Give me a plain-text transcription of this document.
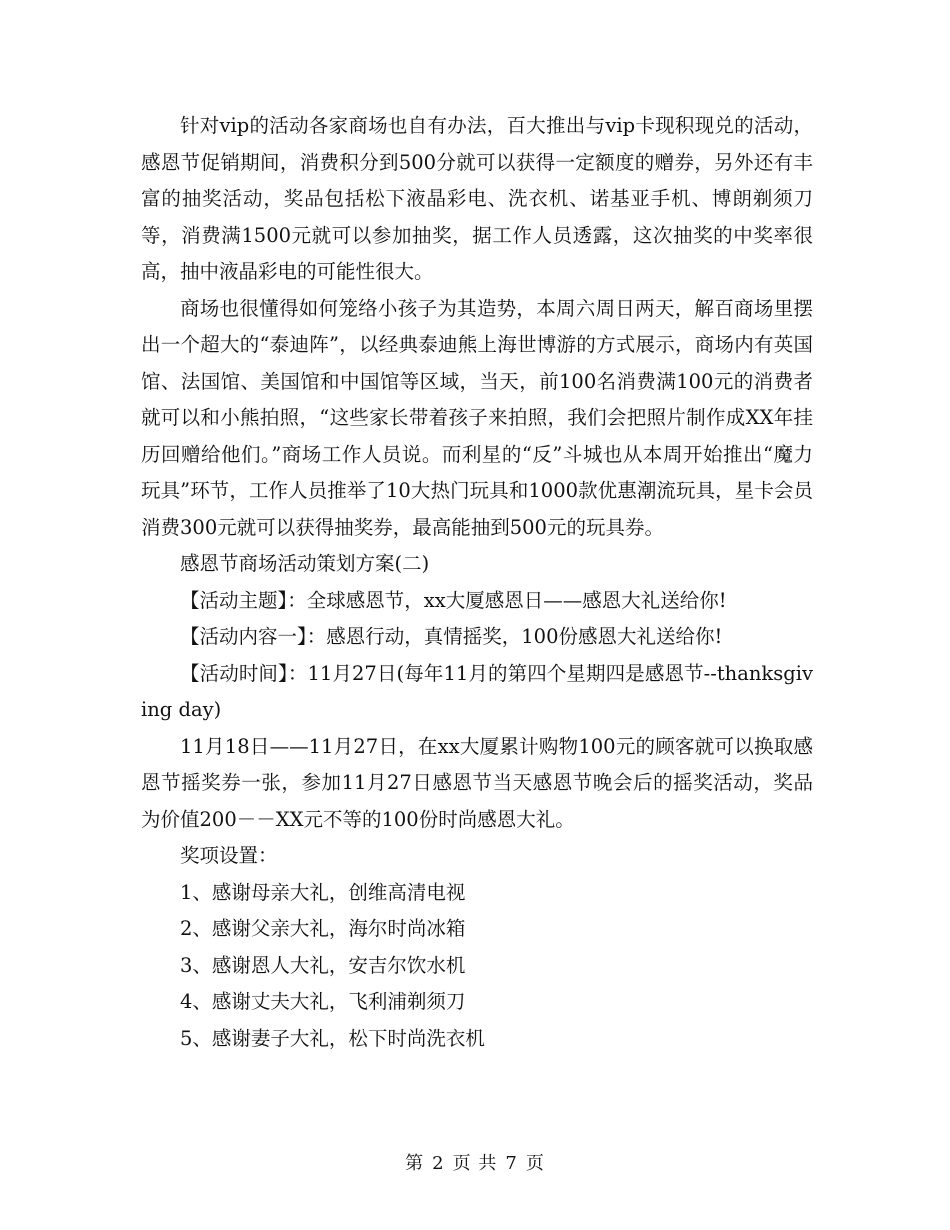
针对vip的活动各家商场也自有办法，百大推出与vip卡现积现兑的活动，感恩节促销期间，消费积分到500分就可以获得一定额度的赠券，另外还有丰富的抽奖活动，奖品包括松下液晶彩电、洗衣机、诺基亚手机、博朗剃须刀等，消费满1500元就可以参加抽奖，据工作人员透露，这次抽奖的中奖率很高，抽中液晶彩电的可能性很大。

商场也很懂得如何笼络小孩子为其造势，本周六周日两天，解百商场里摆出一个超大的“泰迪阵”，以经典泰迪熊上海世博游的方式展示，商场内有英国馆、法国馆、美国馆和中国馆等区域，当天，前100名消费满100元的消费者就可以和小熊拍照，“这些家长带着孩子来拍照，我们会把照片制作成XX年挂历回赠给他们。”商场工作人员说。而利星的“反”斗城也从本周开始推出“魔力玩具”环节，工作人员推举了10大热门玩具和1000款优惠潮流玩具，星卡会员消费300元就可以获得抽奖券，最高能抽到500元的玩具券。

感恩节商场活动策划方案(二)

【活动主题】：全球感恩节，xx大厦感恩日——感恩大礼送给你!

【活动内容一】：感恩行动，真情摇奖，100份感恩大礼送给你!

【活动时间】：11月27日(每年11月的第四个星期四是感恩节--thanksgiving day)

11月18日——11月27日，在xx大厦累计购物100元的顾客就可以换取感恩节摇奖券一张，参加11月27日感恩节当天感恩节晚会后的摇奖活动，奖品为价值200－－XX元不等的100份时尚感恩大礼。

奖项设置：

1、感谢母亲大礼，创维高清电视

2、感谢父亲大礼，海尔时尚冰箱

3、感谢恩人大礼，安吉尔饮水机

4、感谢丈夫大礼，飞利浦剃须刀

5、感谢妻子大礼，松下时尚洗衣机

第 2 页 共 7 页
